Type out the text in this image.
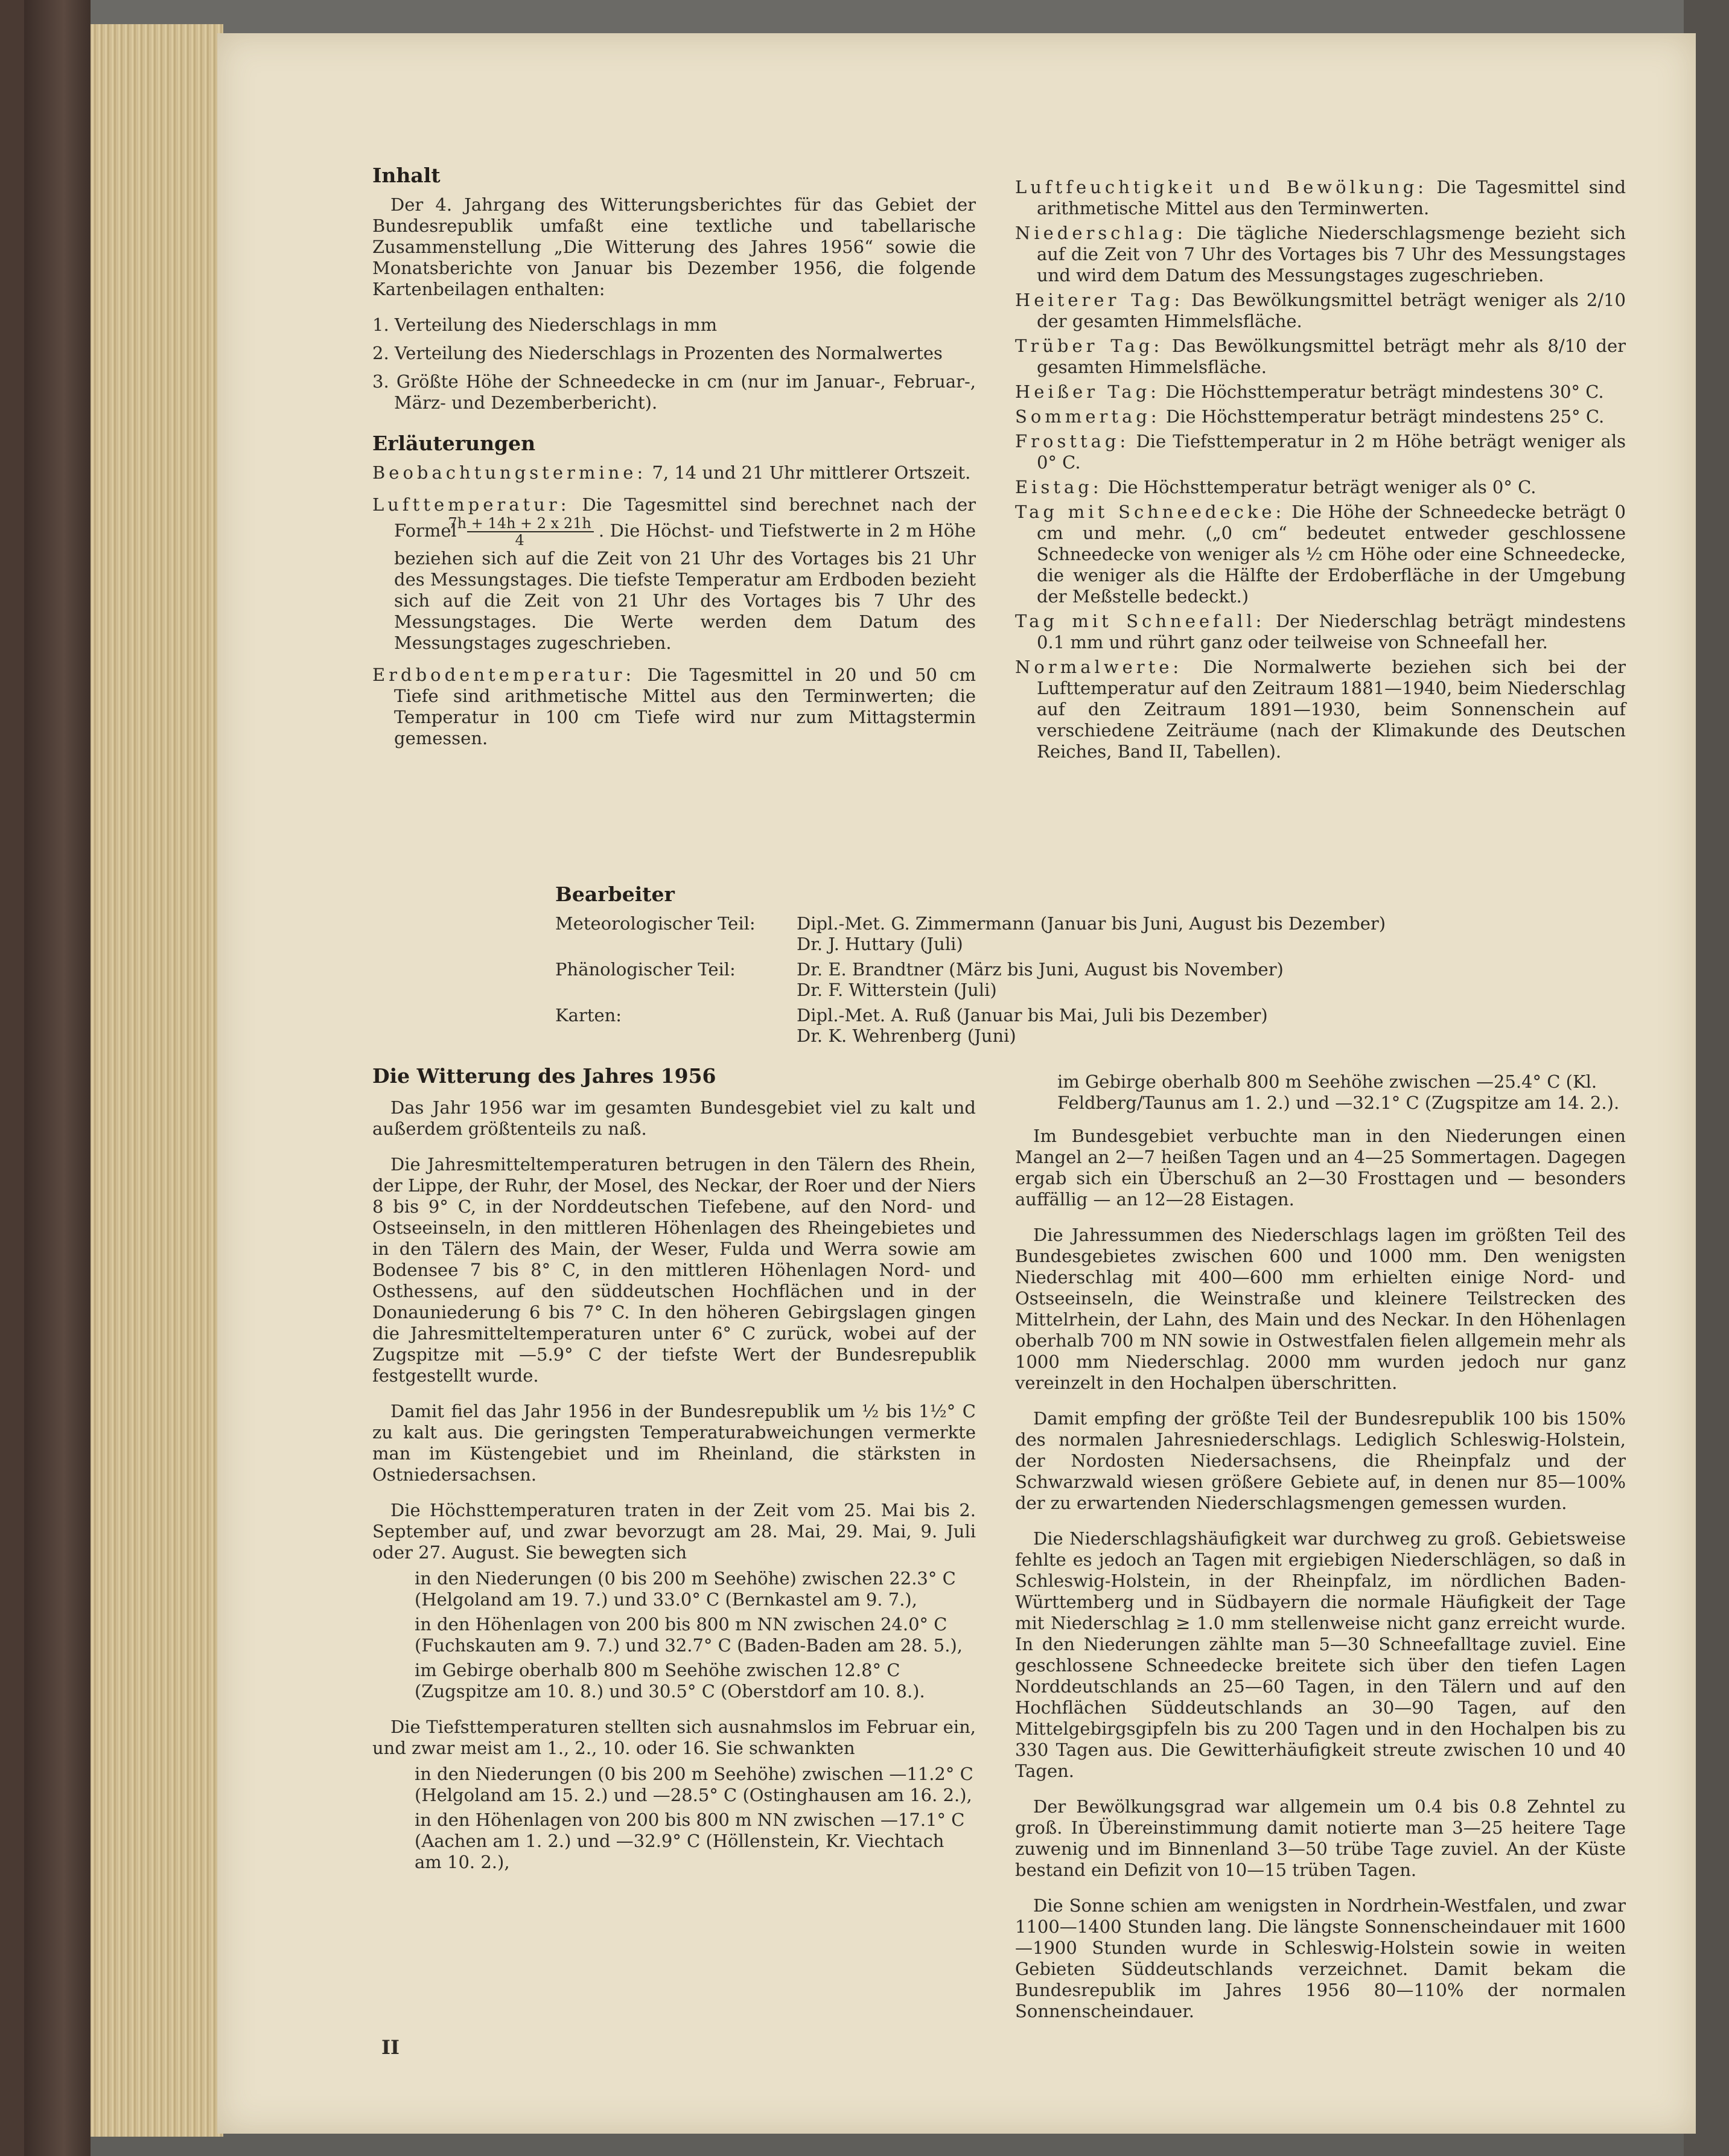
Inhalt

Der 4. Jahrgang des Witterungsberichtes für das Gebiet der Bundesrepublik umfaßt eine textliche und tabellarische Zusammenstellung „Die Witterung des Jahres 1956“ sowie die Monatsberichte von Januar bis Dezember 1956, die folgende Kartenbeilagen enthalten:

1. Verteilung des Niederschlags in mm
2. Verteilung des Niederschlags in Prozenten des Normalwertes
3. Größte Höhe der Schneedecke in cm (nur im Januar-, Februar-, März- und Dezemberbericht).
Erläuterungen
Beobachtungstermine: 7, 14 und 21 Uhr mittlerer Ortszeit.
Lufttemperatur: Die Tagesmittel sind berechnet nach der Formel $\frac{7h + 14h + 2 x 21h}{4}$ . Die Höchst- und Tiefstwerte in 2 m Höhe beziehen sich auf die Zeit von 21 Uhr des Vortages bis 21 Uhr des Messungstages. Die tiefste Temperatur am Erdboden bezieht sich auf die Zeit von 21 Uhr des Vortages bis 7 Uhr des Messungstages. Die Werte werden dem Datum des Messungstages zugeschrieben.
Erdbodentemperatur: Die Tagesmittel in 20 und 50 cm Tiefe sind arithmetische Mittel aus den Terminwerten; die Temperatur in 100 cm Tiefe wird nur zum Mittagstermin gemessen.
Luftfeuchtigkeit und Bewölkung: Die Tagesmittel sind arithmetische Mittel aus den Terminwerten.
Niederschlag: Die tägliche Niederschlagsmenge bezieht sich auf die Zeit von 7 Uhr des Vortages bis 7 Uhr des Messungstages und wird dem Datum des Messungstages zugeschrieben.
Heiterer Tag: Das Bewölkungsmittel beträgt weniger als 2/10 der gesamten Himmelsfläche.
Trüber Tag: Das Bewölkungsmittel beträgt mehr als 8/10 der gesamten Himmelsfläche.
Heißer Tag: Die Höchsttemperatur beträgt mindestens 30° C.
Sommertag: Die Höchsttemperatur beträgt mindestens 25° C.
Frosttag: Die Tiefsttemperatur in 2 m Höhe beträgt weniger als 0° C.
Eistag: Die Höchsttemperatur beträgt weniger als 0° C.
Tag mit Schneedecke: Die Höhe der Schneedecke beträgt 0 cm und mehr. („0 cm“ bedeutet entweder geschlossene Schneedecke von weniger als ½ cm Höhe oder eine Schneedecke, die weniger als die Hälfte der Erdoberfläche in der Umgebung der Meßstelle bedeckt.)
Tag mit Schneefall: Der Niederschlag beträgt mindestens 0.1 mm und rührt ganz oder teilweise von Schneefall her.
Normalwerte: Die Normalwerte beziehen sich bei der Lufttemperatur auf den Zeitraum 1881—1940, beim Niederschlag auf den Zeitraum 1891—1930, beim Sonnenschein auf verschiedene Zeiträume (nach der Klimakunde des Deutschen Reiches, Band II, Tabellen).
Bearbeiter
Meteorologischer Teil:	Dipl.-Met. G. Zimmermann (Januar bis Juni, August bis Dezember)
Dr. J. Huttary (Juli)
Phänologischer Teil:	Dr. E. Brandtner (März bis Juni, August bis November)
Dr. F. Witterstein (Juli)
Karten:	Dipl.-Met. A. Ruß (Januar bis Mai, Juli bis Dezember)
Dr. K. Wehrenberg (Juni)
Die Witterung des Jahres 1956

Das Jahr 1956 war im gesamten Bundesgebiet viel zu kalt und außerdem größtenteils zu naß.

Die Jahresmitteltemperaturen betrugen in den Tälern des Rhein, der Lippe, der Ruhr, der Mosel, des Neckar, der Roer und der Niers 8 bis 9° C, in der Norddeutschen Tiefebene, auf den Nord- und Ostseeinseln, in den mittleren Höhenlagen des Rheingebietes und in den Tälern des Main, der Weser, Fulda und Werra sowie am Bodensee 7 bis 8° C, in den mittleren Höhenlagen Nord- und Osthessens, auf den süddeutschen Hochflächen und in der Donauniederung 6 bis 7° C. In den höheren Gebirgslagen gingen die Jahresmitteltemperaturen unter 6° C zurück, wobei auf der Zugspitze mit —5.9° C der tiefste Wert der Bundesrepublik festgestellt wurde.

Damit fiel das Jahr 1956 in der Bundesrepublik um ½ bis 1½° C zu kalt aus. Die geringsten Temperaturabweichungen vermerkte man im Küstengebiet und im Rheinland, die stärksten in Ostniedersachsen.

Die Höchsttemperaturen traten in der Zeit vom 25. Mai bis 2. September auf, und zwar bevorzugt am 28. Mai, 29. Mai, 9. Juli oder 27. August. Sie bewegten sich

in den Niederungen (0 bis 200 m Seehöhe) zwischen 22.3° C (Helgoland am 19. 7.) und 33.0° C (Bernkastel am 9. 7.),
in den Höhenlagen von 200 bis 800 m NN zwischen 24.0° C (Fuchskauten am 9. 7.) und 32.7° C (Baden-Baden am 28. 5.),
im Gebirge oberhalb 800 m Seehöhe zwischen 12.8° C (Zugspitze am 10. 8.) und 30.5° C (Oberstdorf am 10. 8.).

Die Tiefsttemperaturen stellten sich ausnahmslos im Februar ein, und zwar meist am 1., 2., 10. oder 16. Sie schwankten

in den Niederungen (0 bis 200 m Seehöhe) zwischen —11.2° C (Helgoland am 15. 2.) und —28.5° C (Ostinghausen am 16. 2.),
in den Höhenlagen von 200 bis 800 m NN zwischen —17.1° C (Aachen am 1. 2.) und —32.9° C (Höllenstein, Kr. Viechtach am 10. 2.),
im Gebirge oberhalb 800 m Seehöhe zwischen —25.4° C (Kl. Feldberg/Taunus am 1. 2.) und —32.1° C (Zugspitze am 14. 2.).

Im Bundesgebiet verbuchte man in den Niederungen einen Mangel an 2—7 heißen Tagen und an 4—25 Sommertagen. Dagegen ergab sich ein Überschuß an 2—30 Frosttagen und — besonders auffällig — an 12—28 Eistagen.

Die Jahressummen des Niederschlags lagen im größten Teil des Bundesgebietes zwischen 600 und 1000 mm. Den wenigsten Niederschlag mit 400—600 mm erhielten einige Nord- und Ostseeinseln, die Weinstraße und kleinere Teilstrecken des Mittelrhein, der Lahn, des Main und des Neckar. In den Höhenlagen oberhalb 700 m NN sowie in Ostwestfalen fielen allgemein mehr als 1000 mm Niederschlag. 2000 mm wurden jedoch nur ganz vereinzelt in den Hochalpen überschritten.

Damit empfing der größte Teil der Bundesrepublik 100 bis 150% des normalen Jahresniederschlags. Lediglich Schleswig-Holstein, der Nordosten Niedersachsens, die Rheinpfalz und der Schwarzwald wiesen größere Gebiete auf, in denen nur 85—100% der zu erwartenden Niederschlagsmengen gemessen wurden.

Die Niederschlagshäufigkeit war durchweg zu groß. Gebietsweise fehlte es jedoch an Tagen mit ergiebigen Niederschlägen, so daß in Schleswig-Holstein, in der Rheinpfalz, im nördlichen Baden-Württemberg und in Südbayern die normale Häufigkeit der Tage mit Niederschlag ≥ 1.0 mm stellenweise nicht ganz erreicht wurde. In den Niederungen zählte man 5—30 Schneefalltage zuviel. Eine geschlossene Schneedecke breitete sich über den tiefen Lagen Norddeutschlands an 25—60 Tagen, in den Tälern und auf den Hochflächen Süddeutschlands an 30—90 Tagen, auf den Mittelgebirgsgipfeln bis zu 200 Tagen und in den Hochalpen bis zu 330 Tagen aus. Die Gewitterhäufigkeit streute zwischen 10 und 40 Tagen.

Der Bewölkungsgrad war allgemein um 0.4 bis 0.8 Zehntel zu groß. In Übereinstimmung damit notierte man 3—25 heitere Tage zuwenig und im Binnenland 3—50 trübe Tage zuviel. An der Küste bestand ein Defizit von 10—15 trüben Tagen.

Die Sonne schien am wenigsten in Nordrhein-Westfalen, und zwar 1100—1400 Stunden lang. Die längste Sonnenscheindauer mit 1600—1900 Stunden wurde in Schleswig-Holstein sowie in weiten Gebieten Süddeutschlands verzeichnet. Damit bekam die Bundesrepublik im Jahres 1956 80—110% der normalen Sonnenscheindauer.

II
